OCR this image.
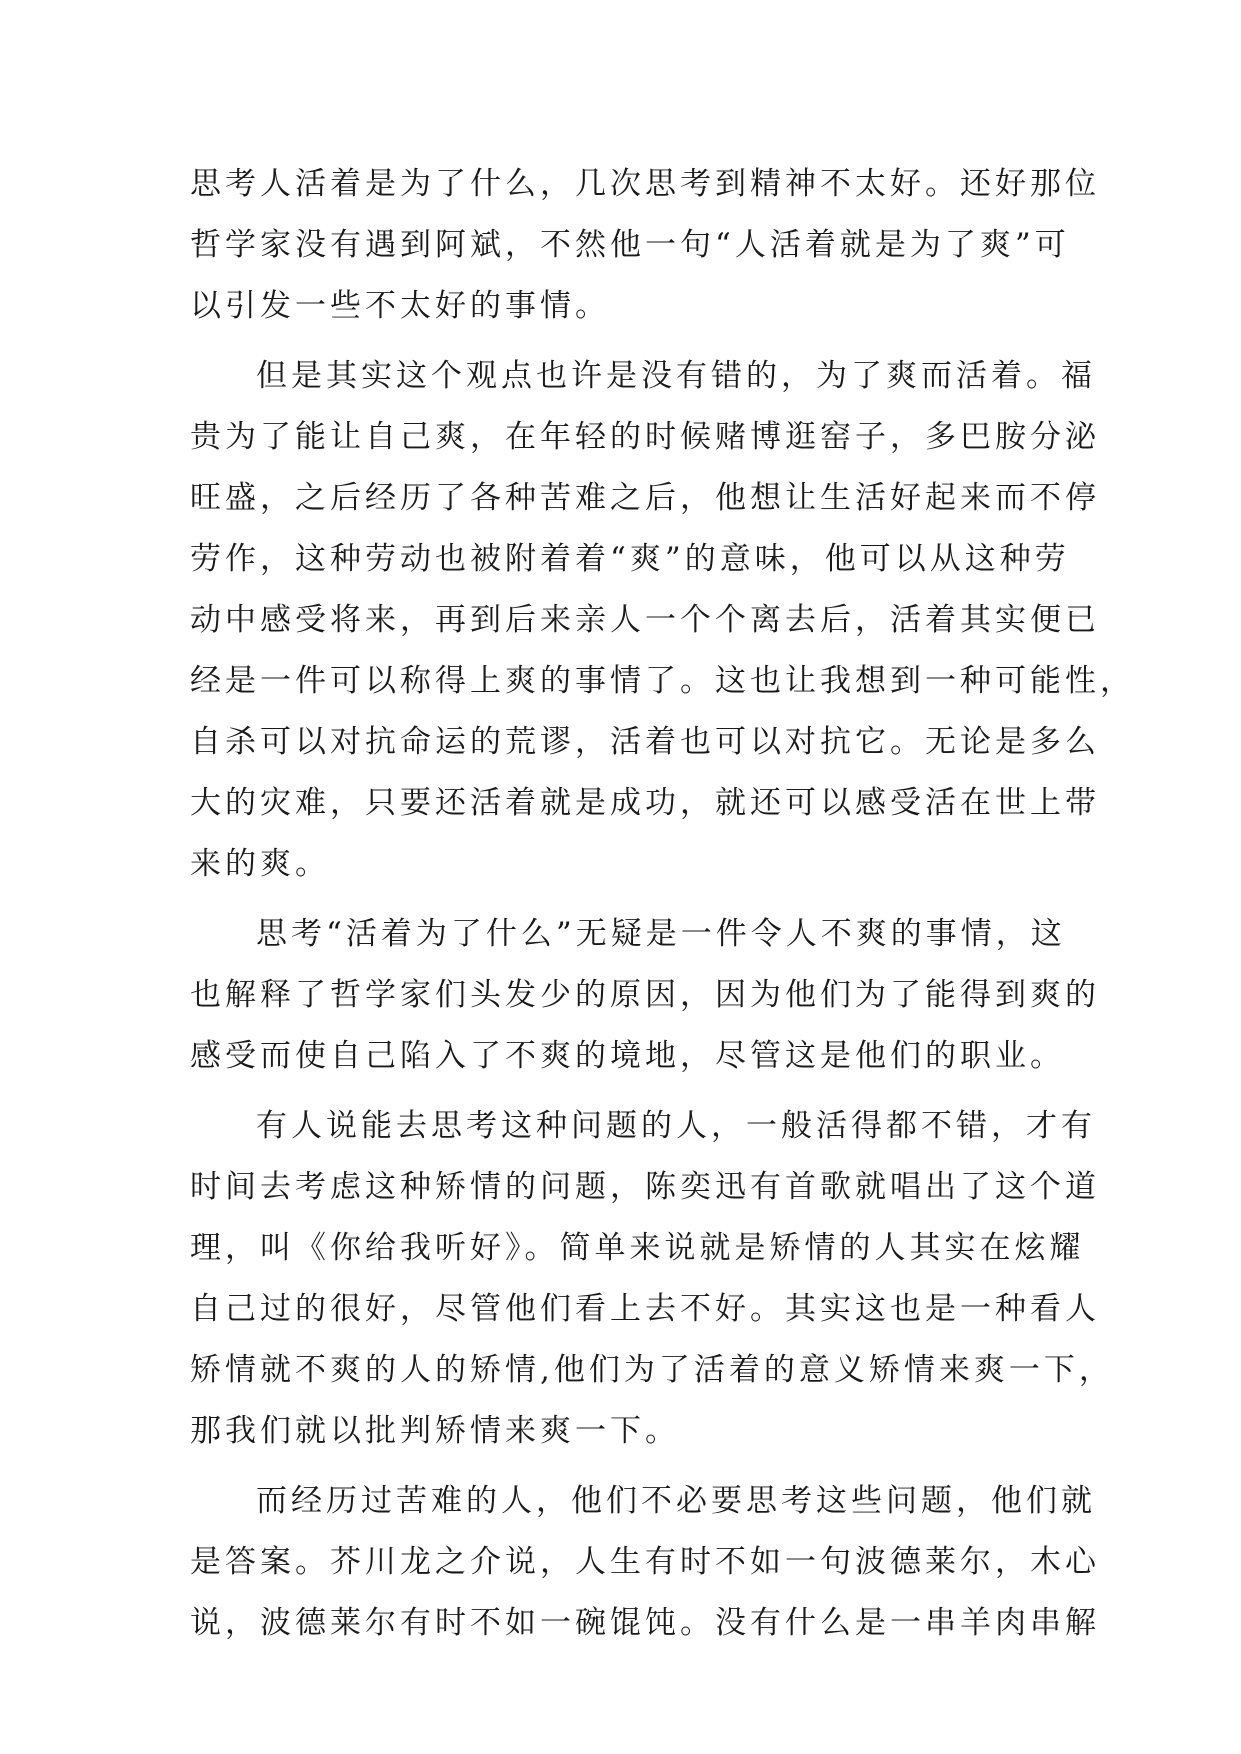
思考人活着是为了什么，几次思考到精神不太好。还好那位
哲学家没有遇到阿斌，不然他一句“人活着就是为了爽”可
以引发一些不太好的事情。
但是其实这个观点也许是没有错的，为了爽而活着。福
贵为了能让自己爽，在年轻的时候赌博逛窑子，多巴胺分泌
旺盛，之后经历了各种苦难之后，他想让生活好起来而不停
劳作，这种劳动也被附着着“爽”的意味，他可以从这种劳
动中感受将来，再到后来亲人一个个离去后，活着其实便已
经是一件可以称得上爽的事情了。这也让我想到一种可能性，
自杀可以对抗命运的荒谬，活着也可以对抗它。无论是多么
大的灾难，只要还活着就是成功，就还可以感受活在世上带
来的爽。
思考“活着为了什么”无疑是一件令人不爽的事情，这
也解释了哲学家们头发少的原因，因为他们为了能得到爽的
感受而使自己陷入了不爽的境地，尽管这是他们的职业。
有人说能去思考这种问题的人，一般活得都不错，才有
时间去考虑这种矫情的问题，陈奕迅有首歌就唱出了这个道
理，叫《你给我听好》。简单来说就是矫情的人其实在炫耀
自己过的很好，尽管他们看上去不好。其实这也是一种看人
矫情就不爽的人的矫情,他们为了活着的意义矫情来爽一下，
那我们就以批判矫情来爽一下。
而经历过苦难的人，他们不必要思考这些问题，他们就
是答案。芥川龙之介说，人生有时不如一句波德莱尔，木心
说，波德莱尔有时不如一碗馄饨。没有什么是一串羊肉串解
